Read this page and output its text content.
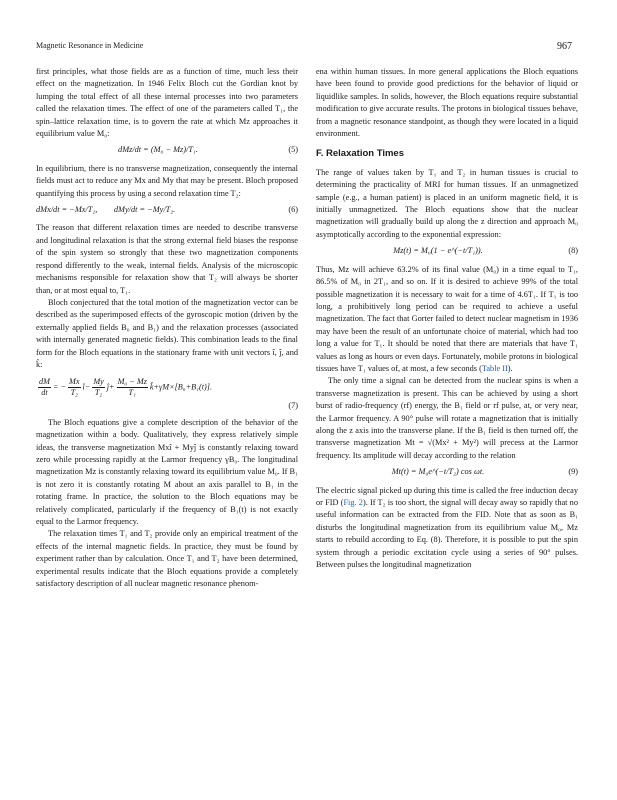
Magnetic Resonance in Medicine	967

first principles, what those fields are as a function of time, much less their effect on the magnetization. In 1946 Felix Bloch cut the Gordian knot by lumping the total effect of all these internal processes into two parameters called the relaxation times. The effect of one of the parameters called T₁, the spin–lattice relaxation time, is to govern the rate at which Mz approaches it equilibrium value M₀:

dMz/dt = (M₀ − Mz)/T₁.	(5)

In equilibrium, there is no transverse magnetization, consequently the internal fields must act to reduce any Mx and My that may be present. Bloch proposed quantifying this process by using a second relaxation time T₂:

dMx/dt = −Mx/T₂,        dMy/dt = −My/T₂.	(6)

The reason that different relaxation times are needed to describe transverse and longitudinal relaxation is that the strong external field biases the response of the spin system so strongly that these two magnetization components respond differently to the weak, internal fields. Analysis of the microscopic mechanisms responsible for relaxation show that T₂ will always be shorter than, or at most equal to, T₁.

Bloch conjectured that the total motion of the magnetization vector can be described as the superimposed effects of the gyroscopic motion (driven by the externally applied fields B₀ and B₁) and the relaxation processes (associated with internally generated magnetic fields). This combination leads to the final form for the Bloch equations in the stationary frame with unit vectors î, ĵ, and k̂:

$\frac{dM}{dt}$ = − $\frac{Mx}{\text{T₂}}$ î− $\frac{My}{\text{T₂}}$ ĵ+ $\frac{\text{M₀ − Mz}}{\text{T₁}}$ k̂+γM×[B₀+B₁(t)].
(7)

The Bloch equations give a complete description of the behavior of the magnetization within a body. Qualitatively, they express relatively simple ideas, the transverse magnetization Mxî + Myĵ is constantly relaxing toward zero while processing rapidly at the Larmor frequency γB₀. The longitudinal magnetization Mz is constantly relaxing toward its equilibrium value M₀. If B₁ is not zero it is constantly rotating M about an axis parallel to B₁ in the rotating frame. In practice, the solution to the Bloch equations may be relatively complicated, particularly if the frequency of B₁(t) is not exactly equal to the Larmor frequency.

The relaxation times T₁ and T₂ provide only an empirical treatment of the effects of the internal magnetic fields. In practice, they must be found by experiment rather than by calculation. Once T₁ and T₂ have been determined, experimental results indicate that the Bloch equations provide a completely satisfactory description of all nuclear magnetic resonance phenom-

ena within human tissues. In more general applications the Bloch equations have been found to provide good predictions for the behavior of liquid or liquidlike samples. In solids, however, the Bloch equations require substantial modification to give accurate results. The protons in biological tissues behave, from a magnetic resonance standpoint, as though they were located in a liquid environment.

F. Relaxation Times

The range of values taken by T₁ and T₂ in human tissues is crucial to determining the practicality of MRI for human tissues. If an unmagnetized sample (e.g., a human patient) is placed in an uniform magnetic field, it is initially unmagnetized. The Bloch equations show that the nuclear magnetization will gradually build up along the z direction and approach M₀ asymptotically according to the exponential expression:

Mz(t) = M₀(1 − e^(−t/T₁)).	(8)

Thus, Mz will achieve 63.2% of its final value (M₀) in a time equal to T₁, 86.5% of M₀ in 2T₁, and so on. If it is desired to achieve 99% of the total possible magnetization it is necessary to wait for a time of 4.6T₁. If T₁ is too long, a prohibitively long period can be required to achieve a useful magnetization. The fact that Gorter failed to detect nuclear magnetism in 1936 may have been the result of an unfortunate choice of material, which had too long a value for T₁. It should be noted that there are materials that have T₁ values as long as hours or even days. Fortunately, mobile protons in biological tissues have T₁ values of, at most, a few seconds (Table II).

The only time a signal can be detected from the nuclear spins is when a transverse magnetization is present. This can be achieved by using a short burst of radio-frequency (rf) energy, the B₁ field or rf pulse, at, or very near, the Larmor frequency. A 90° pulse will rotate a magnetization that is initially along the z axis into the transverse plane. If the B₁ field is then turned off, the transverse magnetization Mt = √(Mx² + My²) will precess at the Larmor frequency. Its amplitude will decay according to the relation

Mt(t) = M₀e^(−t/T₂) cos ωt.	(9)

The electric signal picked up during this time is called the free induction decay or FID (Fig. 2). If T₂ is too short, the signal will decay away so rapidly that no useful information can be extracted from the FID. Note that as soon as B₁ disturbs the longitudinal magnetization from its equilibrium value M₀, Mz starts to rebuild according to Eq. (8). Therefore, it is possible to put the spin system through a periodic excitation cycle using a series of 90° pulses. Between pulses the longitudinal magnetization
